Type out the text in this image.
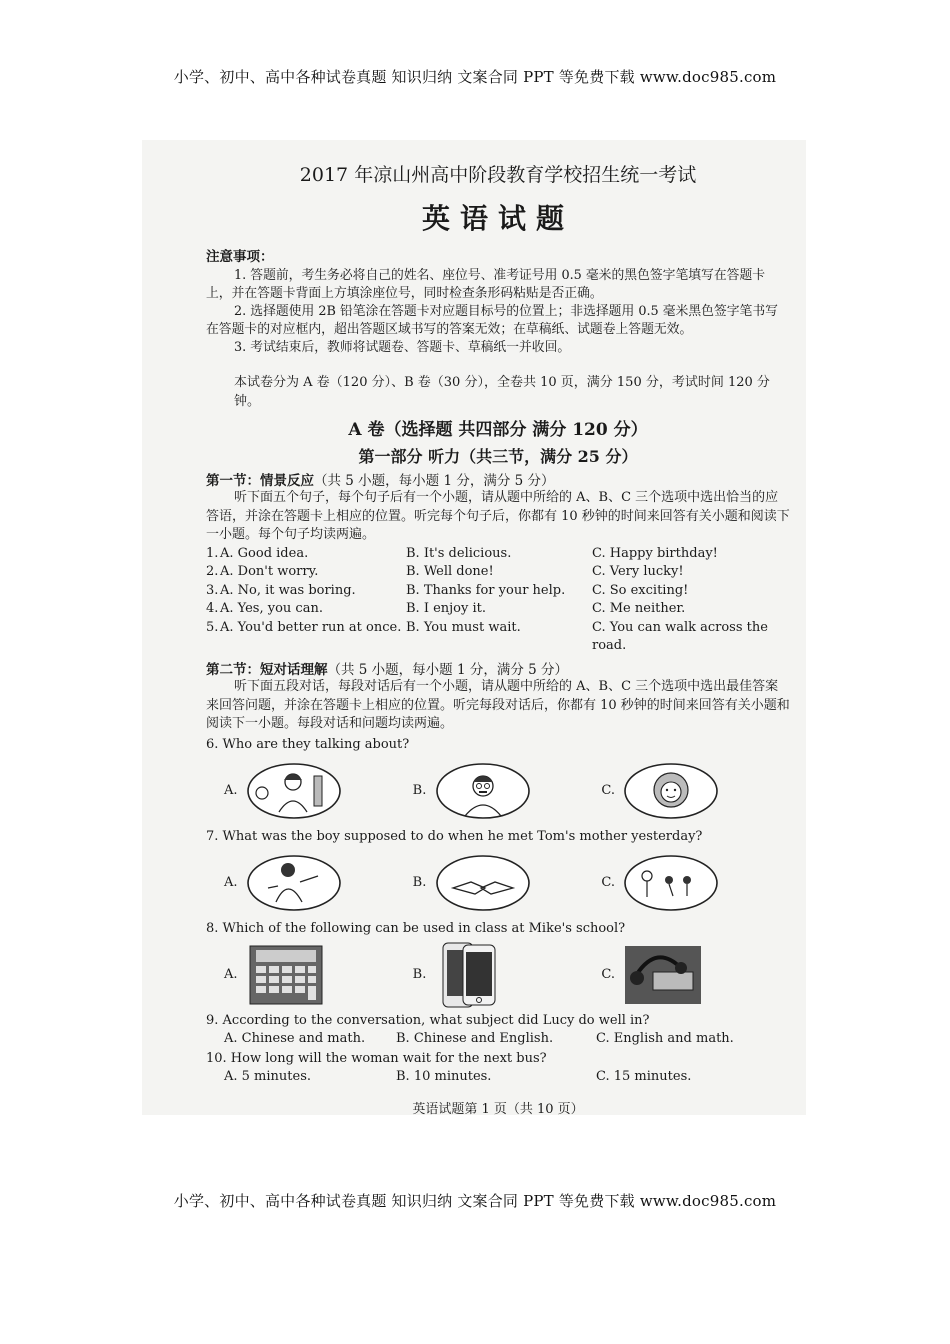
小学、初中、高中各种试卷真题 知识归纳 文案合同 PPT 等免费下载 www.doc985.com
2017 年凉山州高中阶段教育学校招生统一考试
英语试题
注意事项：

1. 答题前，考生务必将自己的姓名、座位号、准考证号用 0.5 毫米的黑色签字笔填写在答题卡上，并在答题卡背面上方填涂座位号，同时检查条形码粘贴是否正确。

2. 选择题使用 2B 铅笔涂在答题卡对应题目标号的位置上；非选择题用 0.5 毫米黑色签字笔书写在答题卡的对应框内，超出答题区域书写的答案无效；在草稿纸、试题卷上答题无效。

3. 考试结束后，教师将试题卷、答题卡、草稿纸一并收回。

本试卷分为 A 卷（120 分）、B 卷（30 分），全卷共 10 页，满分 150 分，考试时间 120 分钟。
A 卷（选择题 共四部分 满分 120 分）
第一部分 听力（共三节，满分 25 分）
第一节：情景反应（共 5 小题，每小题 1 分，满分 5 分）

听下面五个句子，每个句子后有一个小题，请从题中所给的 A、B、C 三个选项中选出恰当的应答语，并涂在答题卡上相应的位置。听完每个句子后，你都有 10 秒钟的时间来回答有关小题和阅读下一小题。每个句子均读两遍。

1. A. Good idea.	B. It's delicious.	C. Happy birthday!
2. A. Don't worry.	B. Well done!	C. Very lucky!
3. A. No, it was boring.	B. Thanks for your help.	C. So exciting!
4. A. Yes, you can.	B. I enjoy it.	C. Me neither.
5. A. You'd better run at once. B. You must wait.	C. You can walk across the road.
第二节：短对话理解（共 5 小题，每小题 1 分，满分 5 分）

听下面五段对话，每段对话后有一个小题，请从题中所给的 A、B、C 三个选项中选出最佳答案来回答问题，并涂在答题卡上相应的位置。听完每段对话后，你都有 10 秒钟的时间来回答有关小题和阅读下一小题。每段对话和问题均读两遍。

6. Who are they talking about?
A.	B.	C.
7. What was the boy supposed to do when he met Tom's mother yesterday?
A.	B.	C.
8. Which of the following can be used in class at Mike's school?
A.	B.	C.
9. According to the conversation, what subject did Lucy do well in?
A. Chinese and math.	B. Chinese and English.	C. English and math.
10. How long will the woman wait for the next bus?
A. 5 minutes.	B. 10 minutes.	C. 15 minutes.
英语试题第 1 页（共 10 页）
小学、初中、高中各种试卷真题 知识归纳 文案合同 PPT 等免费下载 www.doc985.com
